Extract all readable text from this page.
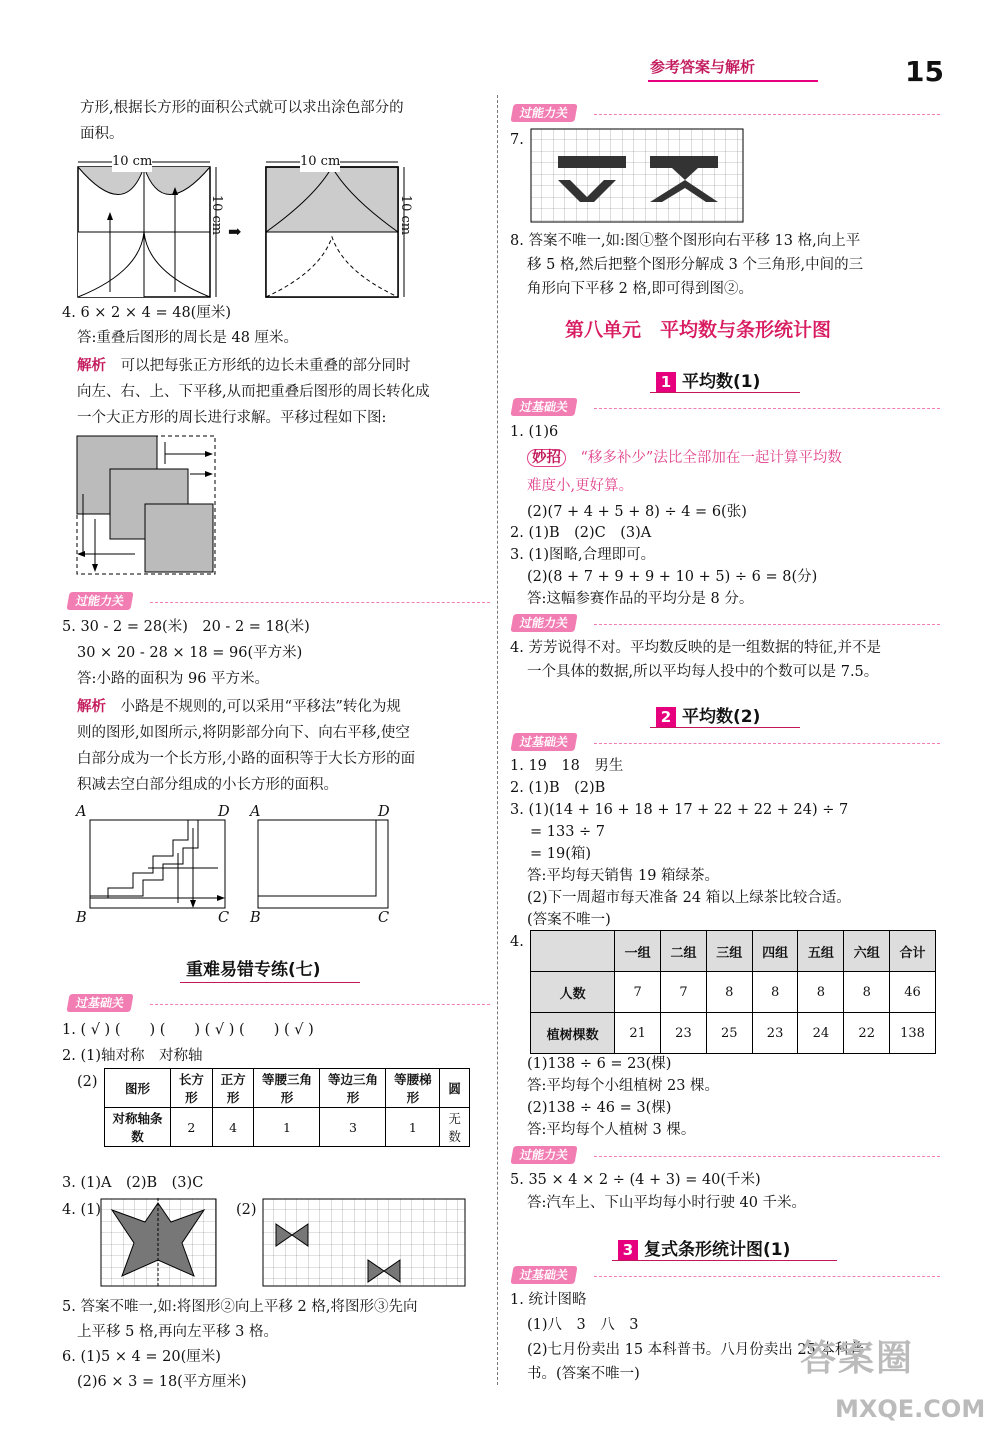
参考答案与解析	15
方形,根据长方形的面积公式就可以求出涂色部分的
面积。
10 cm
10 cm ➡
10 cm
10 cm
4. 6 × 2 × 4 = 48(厘米)
答:重叠后图形的周长是 48 厘米。
解析　 可以把每张正方形纸的边长未重叠的部分同时
向左、右、上、下平移,从而把重叠后图形的周长转化成
一个大正方形的周长进行求解。平移过程如下图:
过能力关
5. 30 - 2 = 28(米)　20 - 2 = 18(米)
30 × 20 - 28 × 18 = 96(平方米)
答:小路的面积为 96 平方米。
解析　 小路是不规则的,可以采用“平移法”转化为规
则的图形,如图所示,将阴影部分向下、向右平移,使空
白部分成为一个长方形,小路的面积等于大长方形的面
积减去空白部分组成的小长方形的面积。
A	D
B	C
A	D
B	C
重难易错专练(七)
过基础关
1. ( √ ) (　　) (　　) ( √ ) (　　) ( √ )
2. (1)轴对称　对称轴
(2) 图形	长方形	正方形	等腰三角形	等边三角形	等腰梯形	圆
对称轴条数	2	4	1	3	1	无数
3. (1)A　(2)B　(3)C
4. (1)	(2)
5. 答案不唯一,如:将图形②向上平移 2 格,将图形③先向
上平移 5 格,再向左平移 3 格。
6. (1)5 × 4 = 20(厘米)
(2)6 × 3 = 18(平方厘米)
过能力关
7.
8. 答案不唯一,如:图①整个图形向右平移 13 格,向上平
移 5 格,然后把整个图形分解成 3 个三角形,中间的三
角形向下平移 2 格,即可得到图②。
第八单元　平均数与条形统计图
1 平均数(1)
过基础关
1. (1)6
妙招　 “移多补少”法比全部加在一起计算平均数
难度小,更好算。
(2)(7 + 4 + 5 + 8) ÷ 4 = 6(张)
2. (1)B　(2)C　(3)A
3. (1)图略,合理即可。
(2)(8 + 7 + 9 + 9 + 10 + 5) ÷ 6 = 8(分)
答:这幅参赛作品的平均分是 8 分。
过能力关
4. 芳芳说得不对。平均数反映的是一组数据的特征,并不是
一个具体的数据,所以平均每人投中的个数可以是 7.5。
2 平均数(2)
过基础关
1. 19　18　男生
2. (1)B　(2)B
3. (1)(14 + 16 + 18 + 17 + 22 + 22 + 24) ÷ 7
= 133 ÷ 7
= 19(箱)
答:平均每天销售 19 箱绿茶。
(2)下一周超市每天准备 24 箱以上绿茶比较合适。
(答案不唯一)
4.
	一组	二组	三组	四组	五组	六组	合计
人数	7	7	8	8	8	8	46
植树棵数	21	23	25	23	24	22	138
(1)138 ÷ 6 = 23(棵)
答:平均每个小组植树 23 棵。
(2)138 ÷ 46 = 3(棵)
答:平均每个人植树 3 棵。
过能力关
5. 35 × 4 × 2 ÷ (4 + 3) = 40(千米)
答:汽车上、下山平均每小时行驶 40 千米。
3 复式条形统计图(1)
过基础关
1. 统计图略
(1)八　3　八　3
(2)七月份卖出 15 本科普书。八月份卖出 25 本科普
书。(答案不唯一)	答案圈
MXQE.COM
